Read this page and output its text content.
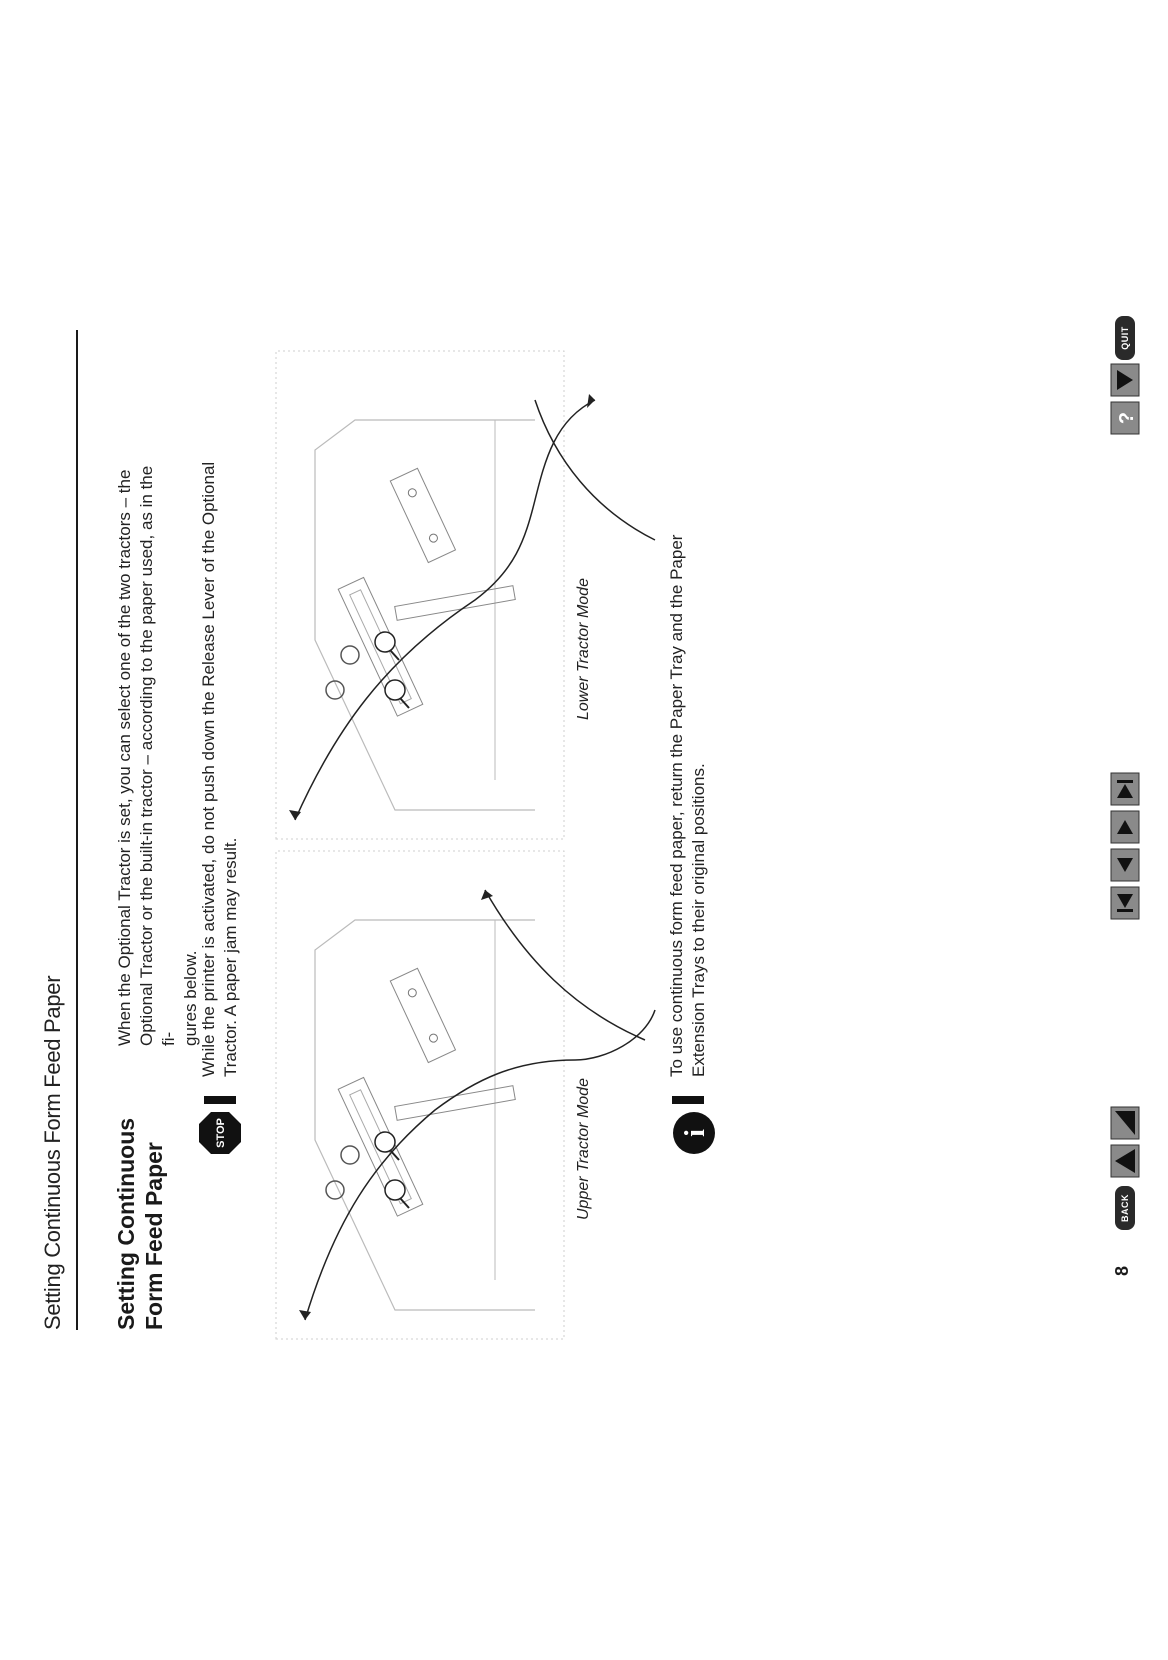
Setting Continuous Form Feed Paper Setting Continuous
Form Feed Paper
When the Optional Tractor is set, you can select one of the two tractors – the Optional Tractor or the built-in tractor – according to the paper used, as in the fi- gures below.
STOP
While the printer is activated, do not push down the Release Lever of the Optional Tractor. A paper jam may result.
Upper Tractor Mode
Lower Tractor Mode
i
To use continuous form feed paper, return the Paper Tray and the Paper Extension Trays to their original positions.
8
BACK
?
QUIT
